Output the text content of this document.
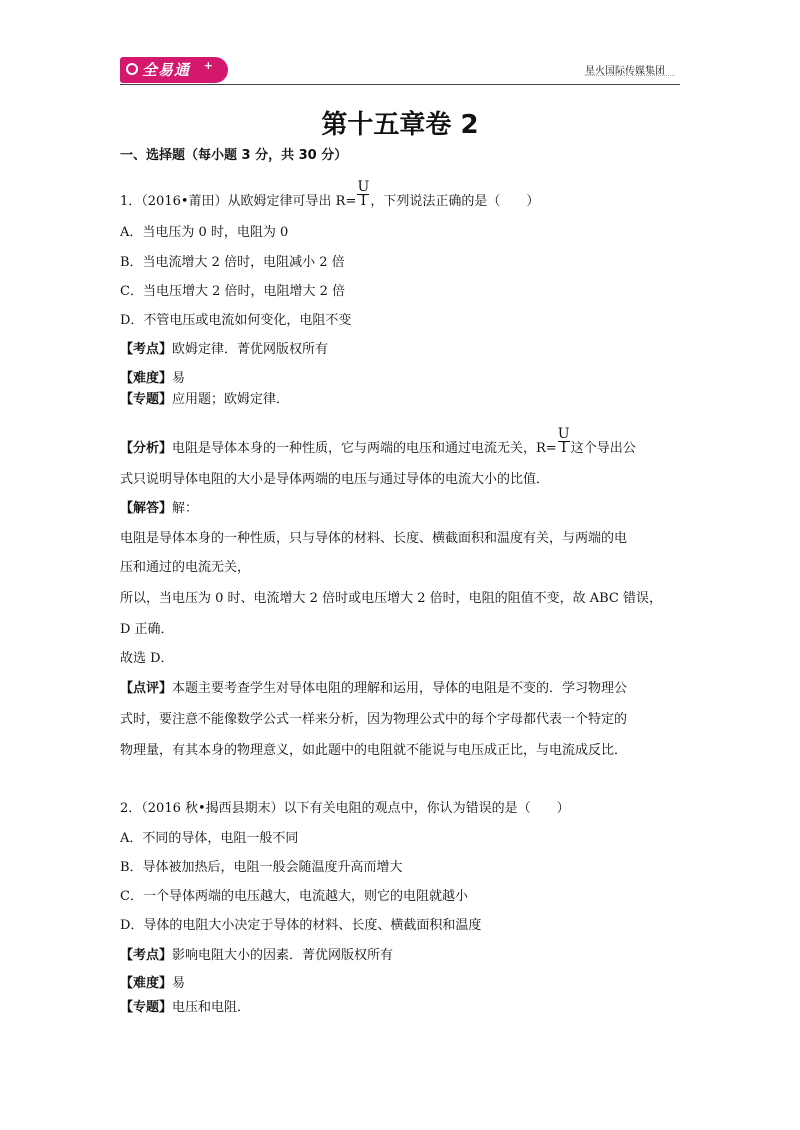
全易通 +	星火国际传媒集团
第十五章卷 2
一、选择题（每小题 3 分，共 30 分）
1．（2016•莆田）从欧姆定律可导出 $R= \frac{U}{I}$，下列说法正确的是（　　）
A．当电压为 0 时，电阻为 0
B．当电流增大 2 倍时，电阻减小 2 倍
C．当电压增大 2 倍时，电阻增大 2 倍
D．不管电压或电流如何变化，电阻不变
【考点】欧姆定律．菁优网版权所有
【难度】易
【专题】应用题；欧姆定律．
【分析】电阻是导体本身的一种性质，它与两端的电压和通过电流无关，$R= \frac{U}{I}$这个导出公
式只说明导体电阻的大小是导体两端的电压与通过导体的电流大小的比值．
【解答】解：
电阻是导体本身的一种性质，只与导体的材料、长度、横截面积和温度有关，与两端的电
压和通过的电流无关，
所以，当电压为 0 时、电流增大 2 倍时或电压增大 2 倍时，电阻的阻值不变，故 ABC 错误，
D 正确．
故选 D．
【点评】本题主要考查学生对导体电阻的理解和运用，导体的电阻是不变的．学习物理公
式时，要注意不能像数学公式一样来分析，因为物理公式中的每个字母都代表一个特定的
物理量，有其本身的物理意义，如此题中的电阻就不能说与电压成正比，与电流成反比．
2．（2016 秋•揭西县期末）以下有关电阻的观点中，你认为错误的是（　　）
A．不同的导体，电阻一般不同
B．导体被加热后，电阻一般会随温度升高而增大
C．一个导体两端的电压越大，电流越大，则它的电阻就越小
D．导体的电阻大小决定于导体的材料、长度、横截面积和温度
【考点】影响电阻大小的因素．菁优网版权所有
【难度】易
【专题】电压和电阻．
